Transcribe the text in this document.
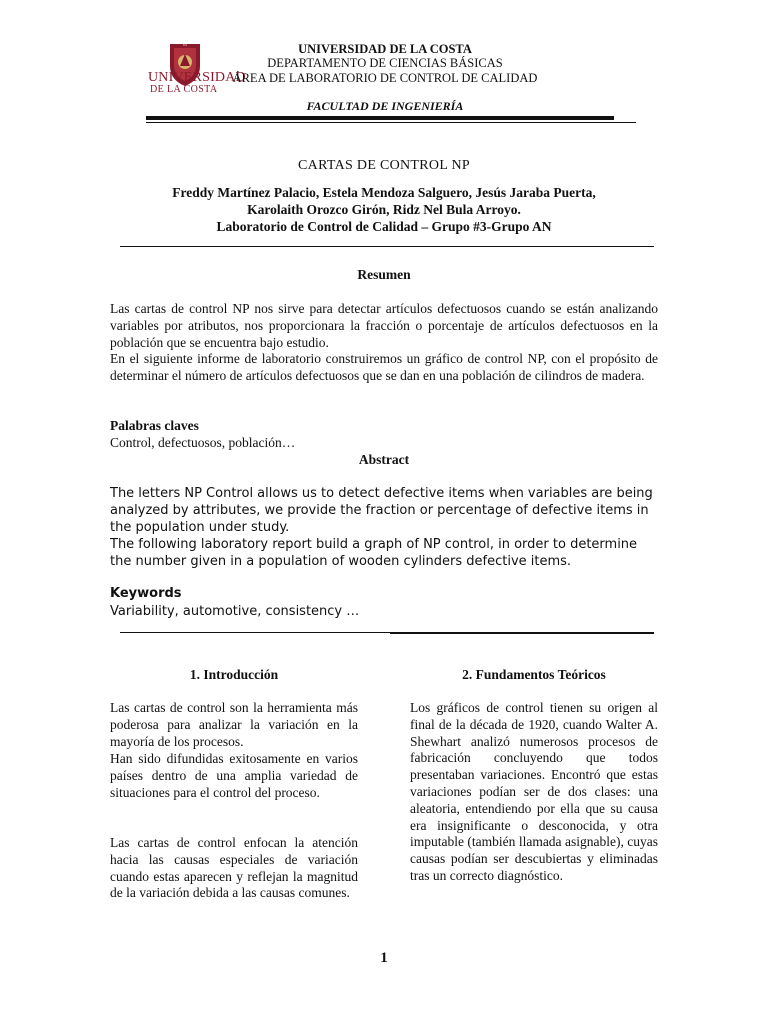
US
UNIVERSIDAD
DE LA COSTA
UNIVERSIDAD DE LA COSTA
DEPARTAMENTO DE CIENCIAS BÁSICAS
ÁREA DE LABORATORIO DE CONTROL DE CALIDAD
FACULTAD DE INGENIERÍA
CARTAS DE CONTROL NP
Freddy Martínez Palacio, Estela Mendoza Salguero, Jesús Jaraba Puerta,
Karolaith Orozco Girón, Ridz Nel Bula Arroyo.
Laboratorio de Control de Calidad – Grupo #3-Grupo AN
Resumen
Las cartas de control NP nos sirve para detectar artículos defectuosos cuando se están analizando variables por atributos, nos proporcionara la fracción o porcentaje de artículos defectuosos en la población que se encuentra bajo estudio.
En el siguiente informe de laboratorio construiremos un gráfico de control NP, con el propósito de determinar el número de artículos defectuosos que se dan en una población de cilindros de madera.
Palabras claves
Control, defectuosos, población…
Abstract
The letters NP Control allows us to detect defective items when variables are being analyzed by attributes, we provide the fraction or percentage of defective items in the population under study.
The following laboratory report build a graph of NP control, in order to determine the number given in a population of wooden cylinders defective items.
Keywords
Variability, automotive, consistency …
1. Introducción
Las cartas de control son la herramienta más poderosa para analizar la variación en la mayoría de los procesos.
Han sido difundidas exitosamente en varios países dentro de una amplia variedad de situaciones para el control del proceso.
Las cartas de control enfocan la atención hacia las causas especiales de variación cuando estas aparecen y reflejan la magnitud de la variación debida a las causas comunes.
2. Fundamentos Teóricos
Los gráficos de control tienen su origen al final de la década de 1920, cuando Walter A. Shewhart analizó numerosos procesos de fabricación concluyendo que todos presentaban variaciones. Encontró que estas variaciones podían ser de dos clases: una aleatoria, entendiendo por ella que su causa era insignificante o desconocida, y otra imputable (también llamada asignable), cuyas causas podían ser descubiertas y eliminadas tras un correcto diagnóstico.
1
